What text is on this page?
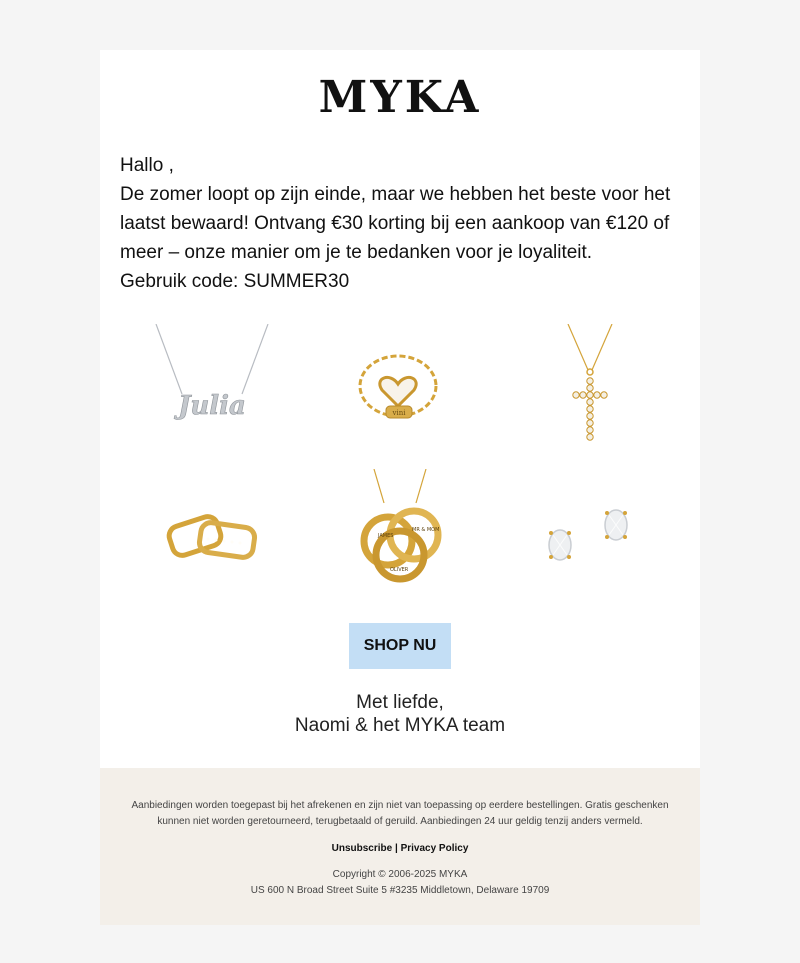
MYKA

Hallo ,

De zomer loopt op zijn einde, maar we hebben het beste voor het laatst bewaard! Ontvang €30 korting bij een aankoop van €120 of meer – onze manier om je te bedanken voor je loyaliteit.

Gebruik code: SUMMER30

Julia	vini
JAMES
OLIVER
MR & MOM
SHOP NU
Met liefde,
Naomi & het MYKA team
Aanbiedingen worden toegepast bij het afrekenen en zijn niet van toepassing op eerdere bestellingen. Gratis geschenken kunnen niet worden geretourneerd, terugbetaald of geruild. Aanbiedingen 24 uur geldig tenzij anders vermeld.
Unsubscribe | Privacy Policy
Copyright © 2006-2025 MYKA
US 600 N Broad Street Suite 5 #3235 Middletown, Delaware 19709
